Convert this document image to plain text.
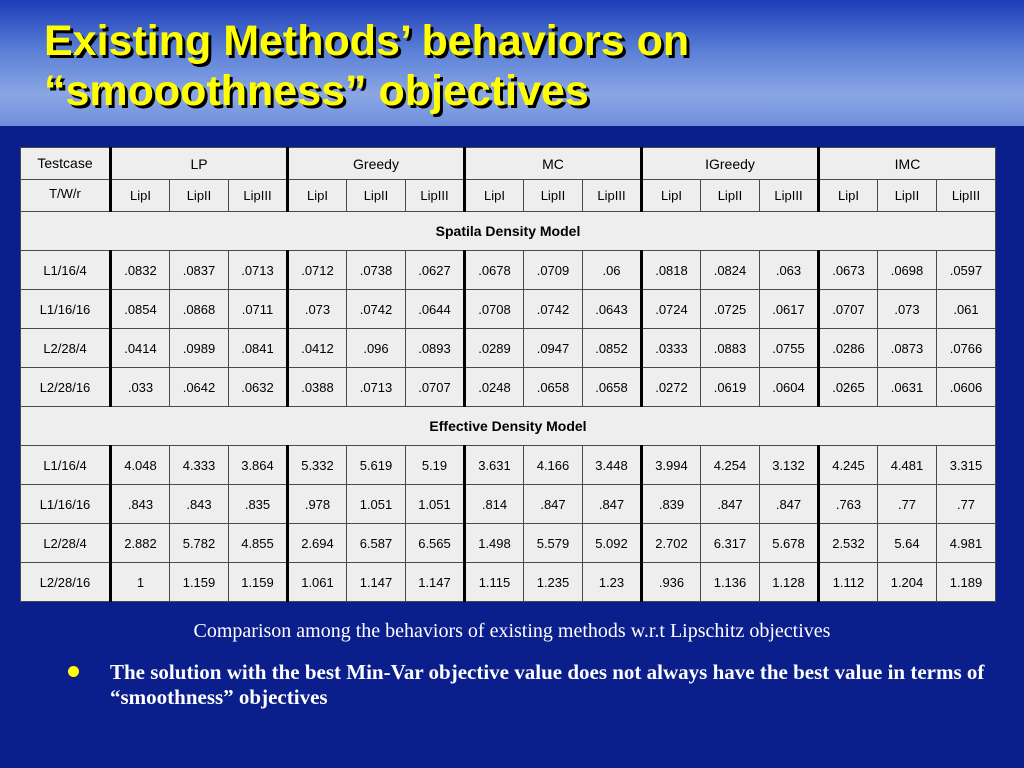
Existing Methods’ behaviors on
“smooothness” objectives
Testcase	LP			Greedy			MC			IGreedy			IMC		
T/W/r	LipI	LipII	LipIII	LipI	LipII	LipIII	LipI	LipII	LipIII	LipI	LipII	LipIII	LipI	LipII	LipIII
Spatila Density Model															
L1/16/4	.0832	.0837	.0713	.0712	.0738	.0627	.0678	.0709	.06	.0818	.0824	.063	.0673	.0698	.0597
L1/16/16	.0854	.0868	.0711	.073	.0742	.0644	.0708	.0742	.0643	.0724	.0725	.0617	.0707	.073	.061
L2/28/4	.0414	.0989	.0841	.0412	.096	.0893	.0289	.0947	.0852	.0333	.0883	.0755	.0286	.0873	.0766
L2/28/16	.033	.0642	.0632	.0388	.0713	.0707	.0248	.0658	.0658	.0272	.0619	.0604	.0265	.0631	.0606
Effective Density Model															
L1/16/4	4.048	4.333	3.864	5.332	5.619	5.19	3.631	4.166	3.448	3.994	4.254	3.132	4.245	4.481	3.315
L1/16/16	.843	.843	.835	.978	1.051	1.051	.814	.847	.847	.839	.847	.847	.763	.77	.77
L2/28/4	2.882	5.782	4.855	2.694	6.587	6.565	1.498	5.579	5.092	2.702	6.317	5.678	2.532	5.64	4.981
L2/28/16	1	1.159	1.159	1.061	1.147	1.147	1.115	1.235	1.23	.936	1.136	1.128	1.112	1.204	1.189
Comparison among the behaviors of existing methods w.r.t Lipschitz objectives
The solution with the best Min-Var objective value does not always have the best value in terms of “smoothness” objectives
